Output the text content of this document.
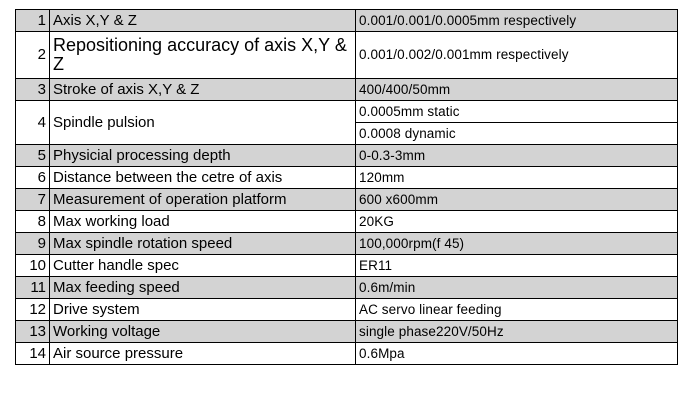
1	Axis X,Y & Z	0.001/0.001/0.0005mm respectively
2	Repositioning accuracy of axis X,Y & Z	0.001/0.002/0.001mm respectively
3	Stroke of axis X,Y & Z	400/400/50mm
4	Spindle pulsion	0.0005mm static
		0.0008 dynamic
5	Physicial processing depth	0-0.3-3mm
6	Distance between the cetre of axis	120mm
7	Measurement of operation platform	600 x600mm
8	Max working load	20KG
9	Max spindle rotation speed	100,000rpm(f 45)
10	Cutter handle spec	ER11
11	Max feeding speed	0.6m/min
12	Drive system	AC servo linear feeding
13	Working voltage	single phase220V/50Hz
14	Air source pressure	0.6Mpa
